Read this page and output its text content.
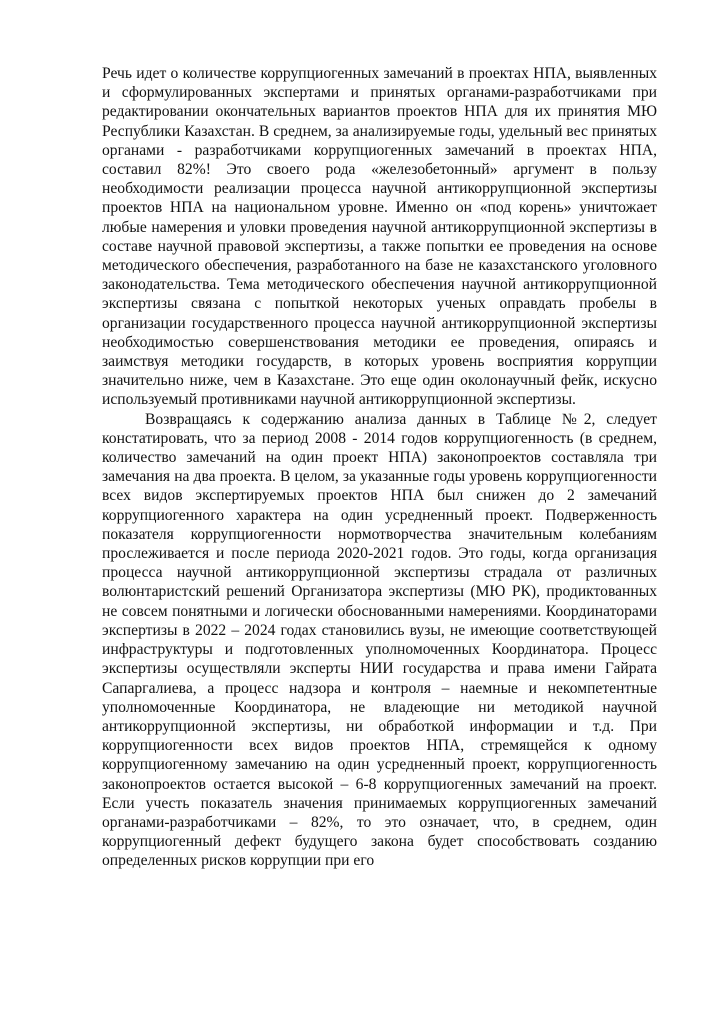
Речь идет о количестве коррупциогенных замечаний в проектах НПА, выявленных и сформулированных экспертами и принятых органами-разработчиками при редактировании окончательных вариантов проектов НПА для их принятия МЮ Республики Казахстан. В среднем, за анализируемые годы, удельный вес принятых органами - разработчиками коррупциогенных замечаний в проектах НПА, составил 82%! Это своего рода «железобетонный» аргумент в пользу необходимости реализации процесса научной антикоррупционной экспертизы проектов НПА на национальном уровне. Именно он «под корень» уничтожает любые намерения и уловки проведения научной антикоррупционной экспертизы в составе научной правовой экспертизы, а также попытки ее проведения на основе методического обеспечения, разработанного на базе не казахстанского уголовного законодательства. Тема методического обеспечения научной антикоррупционной экспертизы связана с попыткой некоторых ученых оправдать пробелы в организации государственного процесса научной антикоррупционной экспертизы необходимостью совершенствования методики ее проведения, опираясь и заимствуя методики государств, в которых уровень восприятия коррупции значительно ниже, чем в Казахстане. Это еще один околонаучный фейк, искусно используемый противниками научной антикоррупционной экспертизы.

Возвращаясь к содержанию анализа данных в Таблице №2, следует констатировать, что за период 2008 - 2014 годов коррупциогенность (в среднем, количество замечаний на один проект НПА) законопроектов составляла три замечания на два проекта. В целом, за указанные годы уровень коррупциогенности всех видов экспертируемых проектов НПА был снижен до 2 замечаний коррупциогенного характера на один усредненный проект. Подверженность показателя коррупциогенности нормотворчества значительным колебаниям прослеживается и после периода 2020-2021 годов. Это годы, когда организация процесса научной антикоррупционной экспертизы страдала от различных волюнтаристский решений Организатора экспертизы (МЮ РК), продиктованных не совсем понятными и логически обоснованными намерениями. Координаторами экспертизы в 2022 – 2024 годах становились вузы, не имеющие соответствующей инфраструктуры и подготовленных уполномоченных Координатора. Процесс экспертизы осуществляли эксперты НИИ государства и права имени Гайрата Сапаргалиева, а процесс надзора и контроля – наемные и некомпетентные уполномоченные Координатора, не владеющие ни методикой научной антикоррупционной экспертизы, ни обработкой информации и т.д. При коррупциогенности всех видов проектов НПА, стремящейся к одному коррупциогенному замечанию на один усредненный проект, коррупциогенность законопроектов остается высокой – 6-8 коррупциогенных замечаний на проект. Если учесть показатель значения принимаемых коррупциогенных замечаний органами-разработчиками – 82%, то это означает, что, в среднем, один коррупциогенный дефект будущего закона будет способствовать созданию определенных рисков коррупции при его
